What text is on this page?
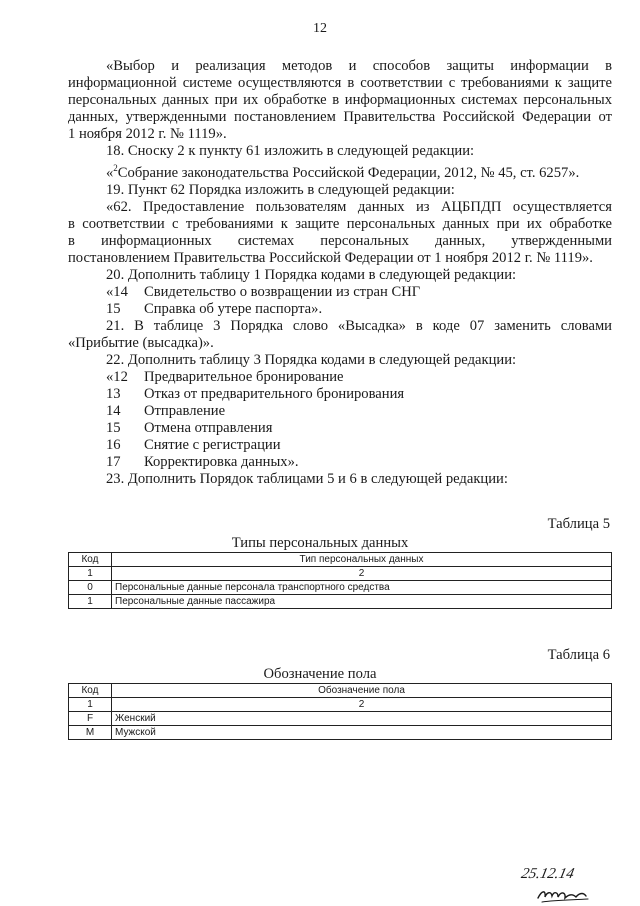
12

«Выбор и реализация методов и способов защиты информации в

информационной системе осуществляются в соответствии с требованиями к защите

персональных данных при их обработке в информационных системах персональных

данных, утвержденными постановлением Правительства Российской Федерации от

1 ноября 2012 г. № 1119».

18. Сноску 2 к пункту 61 изложить в следующей редакции:

«$^2$Собрание законодательства Российской Федерации, 2012, № 45, ст. 6257».

19. Пункт 62 Порядка изложить в следующей редакции:

«62. Предоставление пользователям данных из АЦБПДП осуществляется

в соответствии с требованиями к защите персональных данных при их обработке

в информационных системах персональных данных, утвержденными

постановлением Правительства Российской Федерации от 1 ноября 2012 г. № 1119».

20. Дополнить таблицу 1 Порядка кодами в следующей редакции:

«14 Свидетельство о возвращении из стран СНГ

15 Справка об утере паспорта».

21. В таблице 3 Порядка слово «Высадка» в коде 07 заменить словами

«Прибытие (высадка)».

22. Дополнить таблицу 3 Порядка кодами в следующей редакции:

«12 Предварительное бронирование

13 Отказ от предварительного бронирования

14 Отправление

15 Отмена отправления

16 Снятие с регистрации

17 Корректировка данных».

23. Дополнить Порядок таблицами 5 и 6 в следующей редакции:

Таблица 5
Типы персональных данных
Код	Тип персональных данных
1	2
0	Персональные данные персонала транспортного средства
1	Персональные данные пассажира
Таблица 6
Обозначение пола
Код	Обозначение пола
1	2
F	Женский
M	Мужской
25.12.14
